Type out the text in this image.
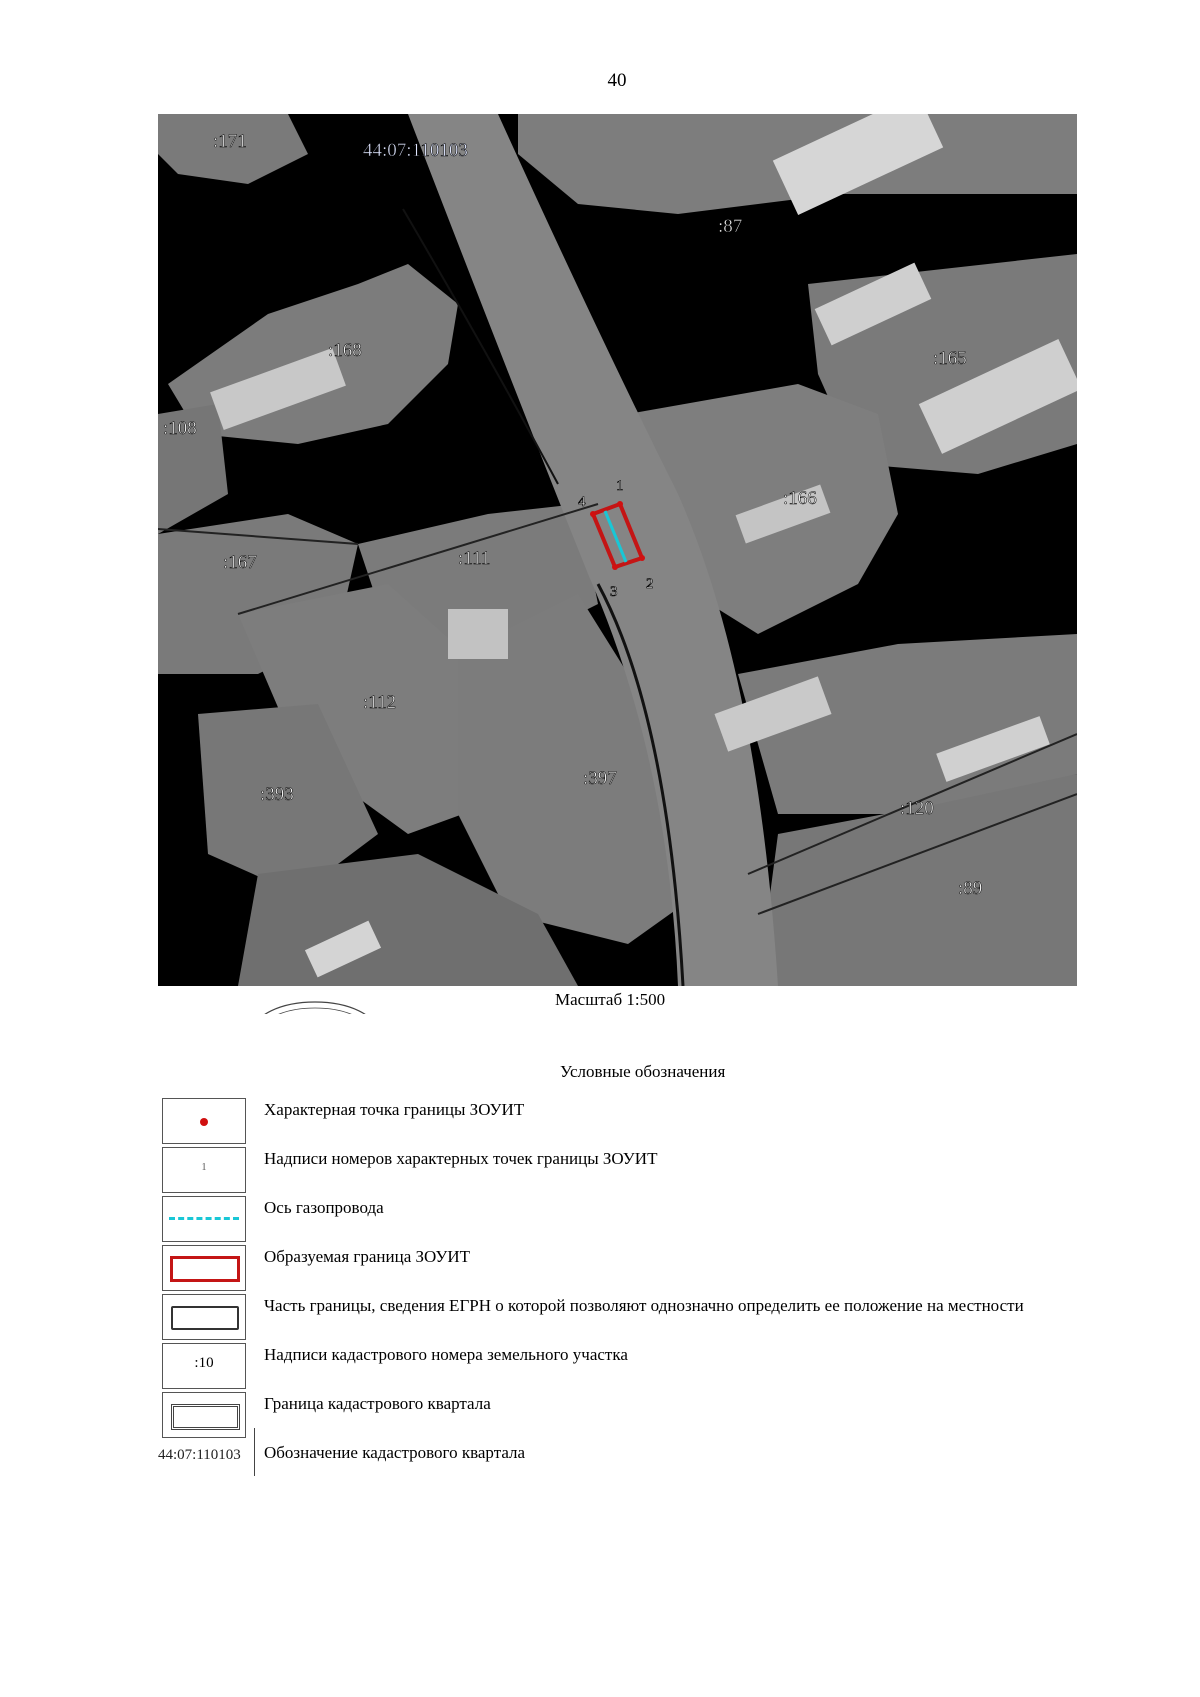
40
1
2
3
4
:171	44:07:110103
:87
:168	:165
:108
:166
:167	:111
:112
:397
:393
:120
:89
Масштаб 1:500
Условные обозначения
Характерная точка границы ЗОУИТ
1	Надписи номеров характерных точек границы ЗОУИТ
Ось газопровода
Образуемая граница ЗОУИТ
Часть границы, сведения ЕГРН о которой позволяют однозначно определить ее положение на местности
:10	Надписи кадастрового номера земельного участка
Граница кадастрового квартала
Обозначение кадастрового квартала
44:07:110103
